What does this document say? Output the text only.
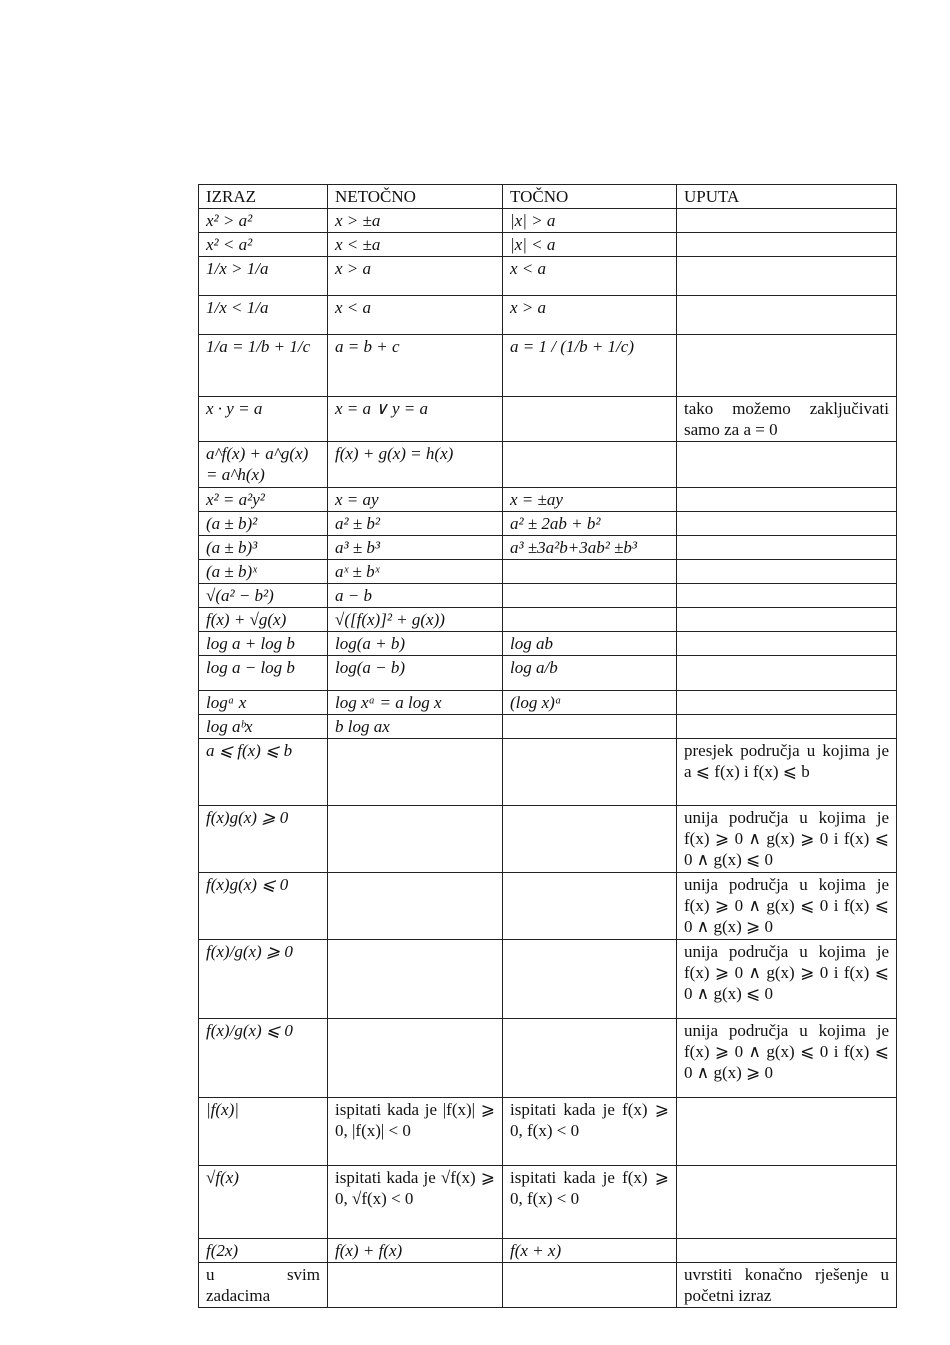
IZRAZ	NETOČNO	TOČNO	UPUTA

x² > a²	x > ±a	|x| > a	
x² < a²	x < ±a	|x| < a	
1/x > 1/a	x > a	x < a	
1/x < 1/a	x < a	x > a	
1/a = 1/b + 1/c	a = b + c	a = 1 / (1/b + 1/c)	
x · y = a	x = a ∨ y = a		tako možemo zaključivati samo za a = 0

a^f(x) + a^g(x) = a^h(x)	f(x) + g(x) = h(x)		
x² = a²y²	x = ay	x = ±ay	
(a ± b)²	a² ± b²	a² ± 2ab + b²	
(a ± b)³	a³ ± b³	a³ ±3a²b+3ab² ±b³	
(a ± b)ˣ	aˣ ± bˣ		
√(a² − b²)	a − b		
f(x) + √g(x)	√([f(x)]² + g(x))		
log a + log b	log(a + b)	log ab	
log a − log b	log(a − b)	log a/b	
logᵃ x	log xᵃ = a log x	(log x)ᵃ	
log aᵇx	b log ax		
a ⩽ f(x) ⩽ b			presjek područja u kojima je a ⩽ f(x) i f(x) ⩽ b

f(x)g(x) ⩾ 0			unija područja u kojima je f(x) ⩾ 0 ∧ g(x) ⩾ 0 i f(x) ⩽ 0 ∧ g(x) ⩽ 0

f(x)g(x) ⩽ 0			unija područja u kojima je f(x) ⩾ 0 ∧ g(x) ⩽ 0 i f(x) ⩽ 0 ∧ g(x) ⩾ 0

f(x)/g(x) ⩾ 0			unija područja u kojima je f(x) ⩾ 0 ∧ g(x) ⩾ 0 i f(x) ⩽ 0 ∧ g(x) ⩽ 0

f(x)/g(x) ⩽ 0			unija područja u kojima je f(x) ⩾ 0 ∧ g(x) ⩽ 0 i f(x) ⩽ 0 ∧ g(x) ⩾ 0

|f(x)|	ispitati kada je |f(x)| ⩾ 0, |f(x)| < 0	ispitati kada je f(x) ⩾ 0, f(x) < 0	

√f(x)	ispitati kada je √f(x) ⩾ 0, √f(x) < 0	ispitati kada je f(x) ⩾ 0, f(x) < 0	

f(2x)	f(x) + f(x)	f(x + x)	

u svim zadacima			uvrstiti konačno rješenje u početni izraz
